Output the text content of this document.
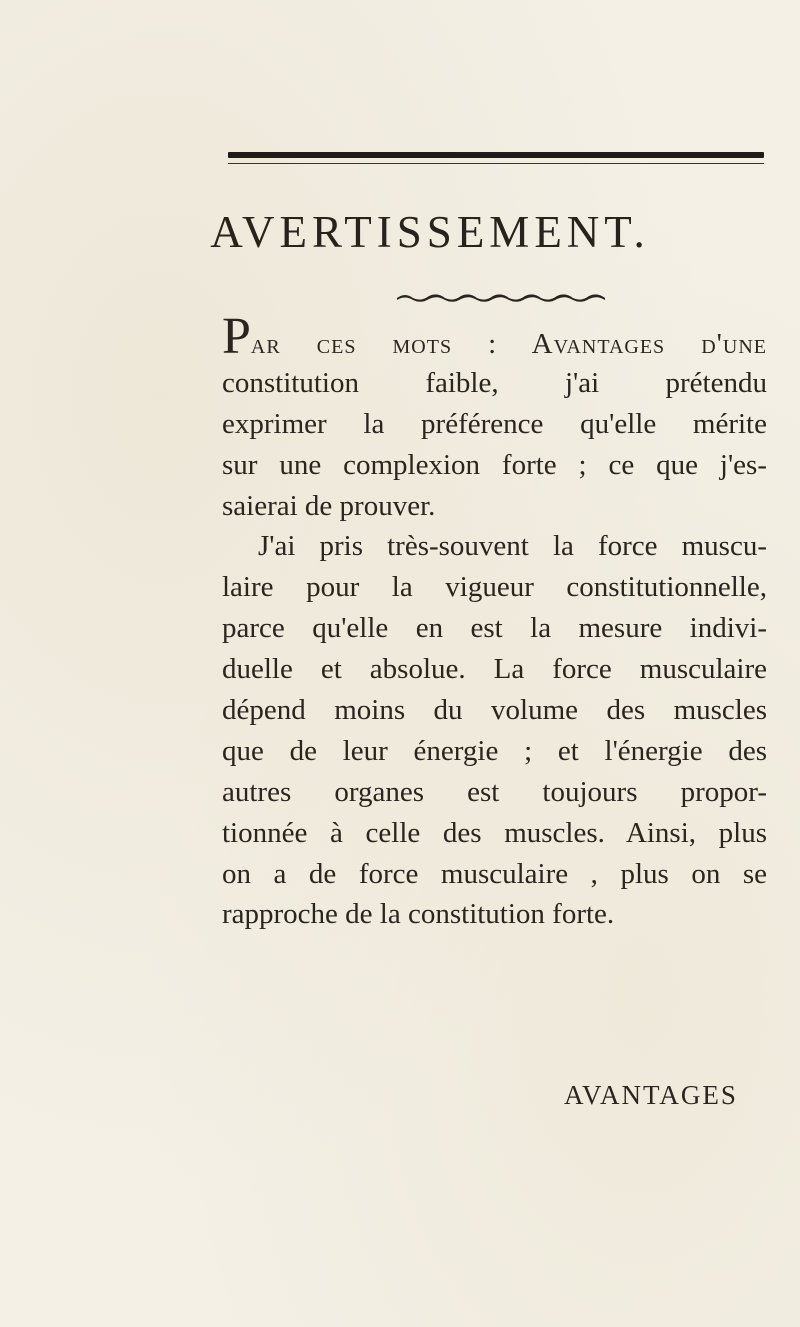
AVERTISSEMENT.
Par ces mots : Avantages d'une
constitution faible, j'ai prétendu
exprimer la préférence qu'elle mérite
sur une complexion forte ; ce que j'es-
saierai de prouver.
J'ai pris très-souvent la force muscu-
laire pour la vigueur constitutionnelle,
parce qu'elle en est la mesure indivi-
duelle et absolue. La force musculaire
dépend moins du volume des muscles
que de leur énergie ; et l'énergie des
autres organes est toujours propor-
tionnée à celle des muscles. Ainsi, plus
on a de force musculaire , plus on se
rapproche de la constitution forte.
AVANTAGES
